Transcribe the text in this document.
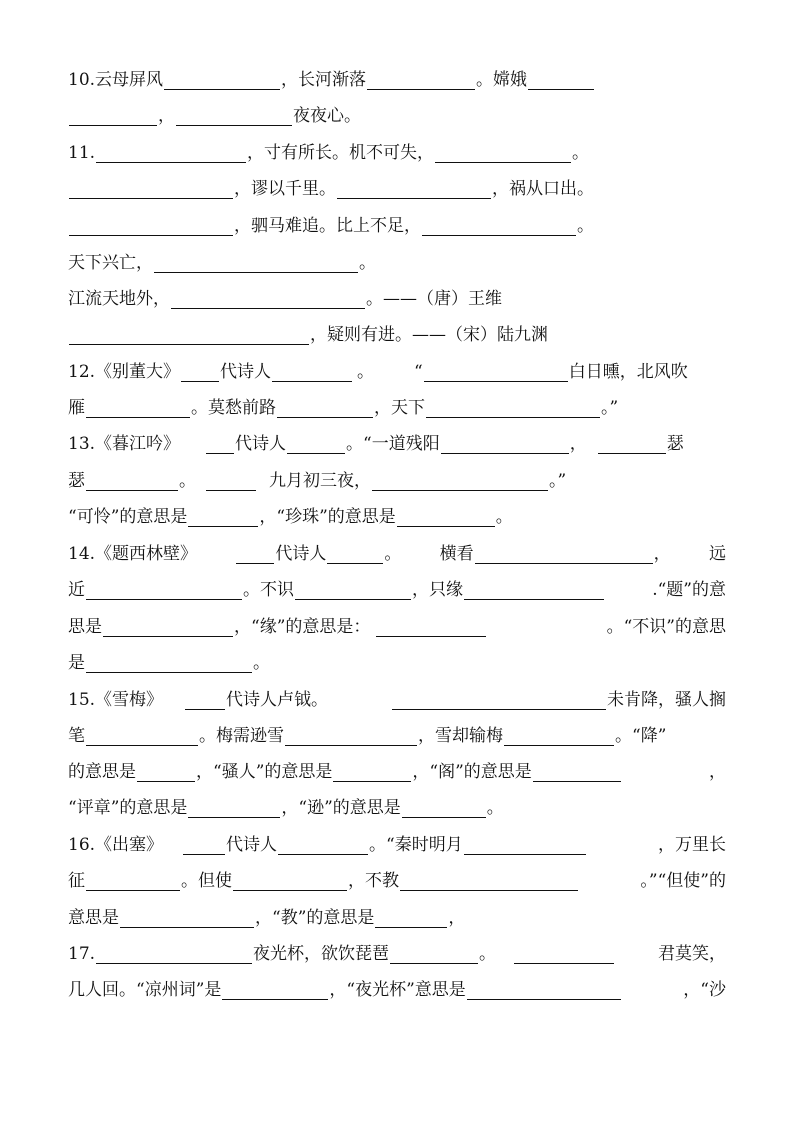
10.云母屏风	，长河渐落	。嫦娥
，	夜夜心。
11.	，寸有所长。机不可失，	。
，谬以千里。	，祸从口出。
，驷马难追。比上不足，	。
天下兴亡，	。
江流天地外，	。——（唐）王维
，疑则有进。——（宋）陆九渊
12.《别董大》 代诗人	。 “	白日曛，北风吹
雁	。莫愁前路	，天下	。”
13.《暮江吟》	代诗人	。“一道残阳	，	瑟
瑟	。	九月初三夜，	。”
“可怜”的意思是	，“珍珠”的意思是	。
14.《题西林壁》	代诗人	。 横看	， 远
近	。不识	，只缘	.“题”的意
思是	，“缘”的意思是：	。“不识”的意思
是	。
15.《雪梅》	代诗人卢钺。	未肯降，骚人搁
笔	。梅需逊雪	，雪却输梅	。“降”
的意思是	，“骚人”的意思是	，“阁”的意思是	，
“评章”的意思是	，“逊”的意思是	。
16.《出塞》	代诗人	。“秦时明月	，万里长
征	。但使	，不教	。”“但使”的
意思是	，“教”的意思是	，
17.	夜光杯，欲饮琵琶	。	君莫笑，
几人回。“凉州词”是	，“夜光杯”意思是	，“沙
